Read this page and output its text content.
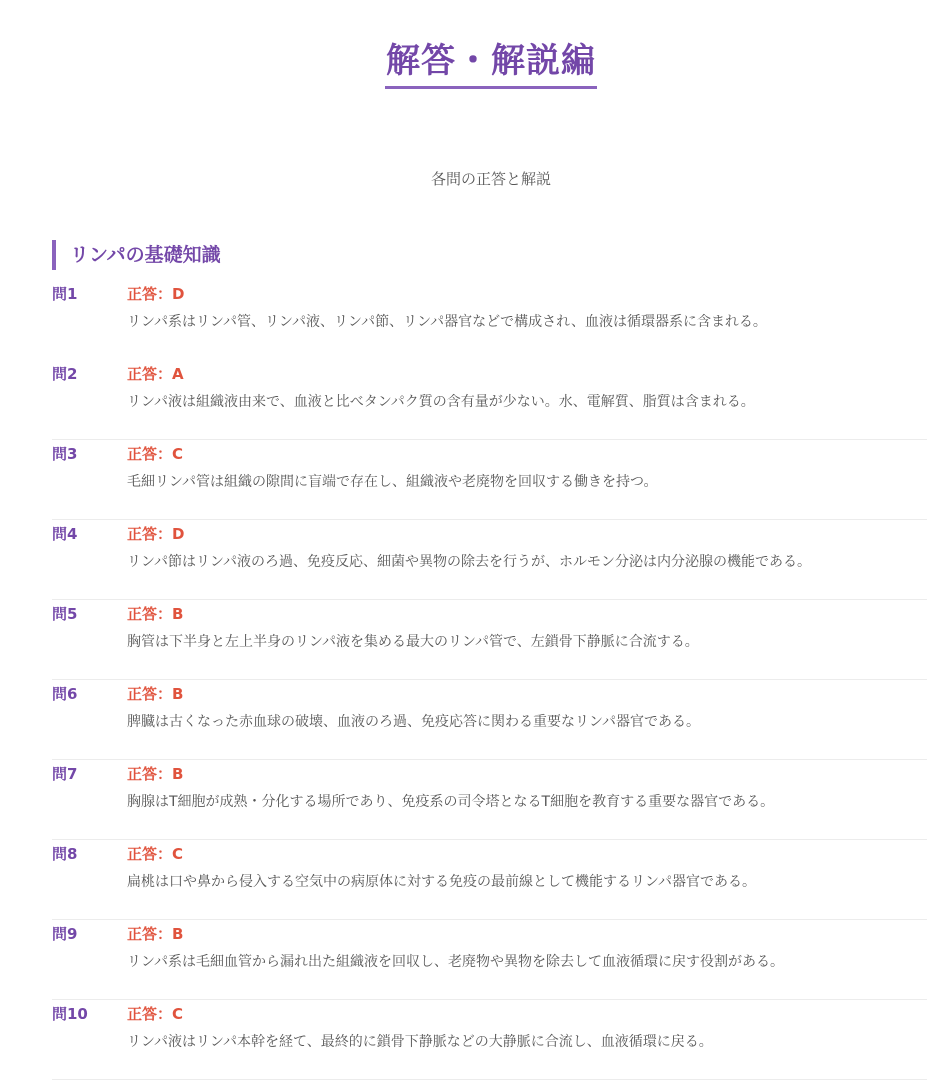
解答・解説編
各問の正答と解説
リンパの基礎知識
問1	正答：D
リンパ系はリンパ管、リンパ液、リンパ節、リンパ器官などで構成され、血液は循環器系に含まれる。
問2	正答：A
リンパ液は組織液由来で、血液と比べタンパク質の含有量が少ない。水、電解質、脂質は含まれる。
問3	正答：C
毛細リンパ管は組織の隙間に盲端で存在し、組織液や老廃物を回収する働きを持つ。
問4	正答：D
リンパ節はリンパ液のろ過、免疫反応、細菌や異物の除去を行うが、ホルモン分泌は内分泌腺の機能である。
問5	正答：B
胸管は下半身と左上半身のリンパ液を集める最大のリンパ管で、左鎖骨下静脈に合流する。
問6	正答：B
脾臓は古くなった赤血球の破壊、血液のろ過、免疫応答に関わる重要なリンパ器官である。
問7	正答：B
胸腺はT細胞が成熟・分化する場所であり、免疫系の司令塔となるT細胞を教育する重要な器官である。
問8	正答：C
扁桃は口や鼻から侵入する空気中の病原体に対する免疫の最前線として機能するリンパ器官である。
問9	正答：B
リンパ系は毛細血管から漏れ出た組織液を回収し、老廃物や異物を除去して血液循環に戻す役割がある。
問10	正答：C
リンパ液はリンパ本幹を経て、最終的に鎖骨下静脈などの大静脈に合流し、血液循環に戻る。
